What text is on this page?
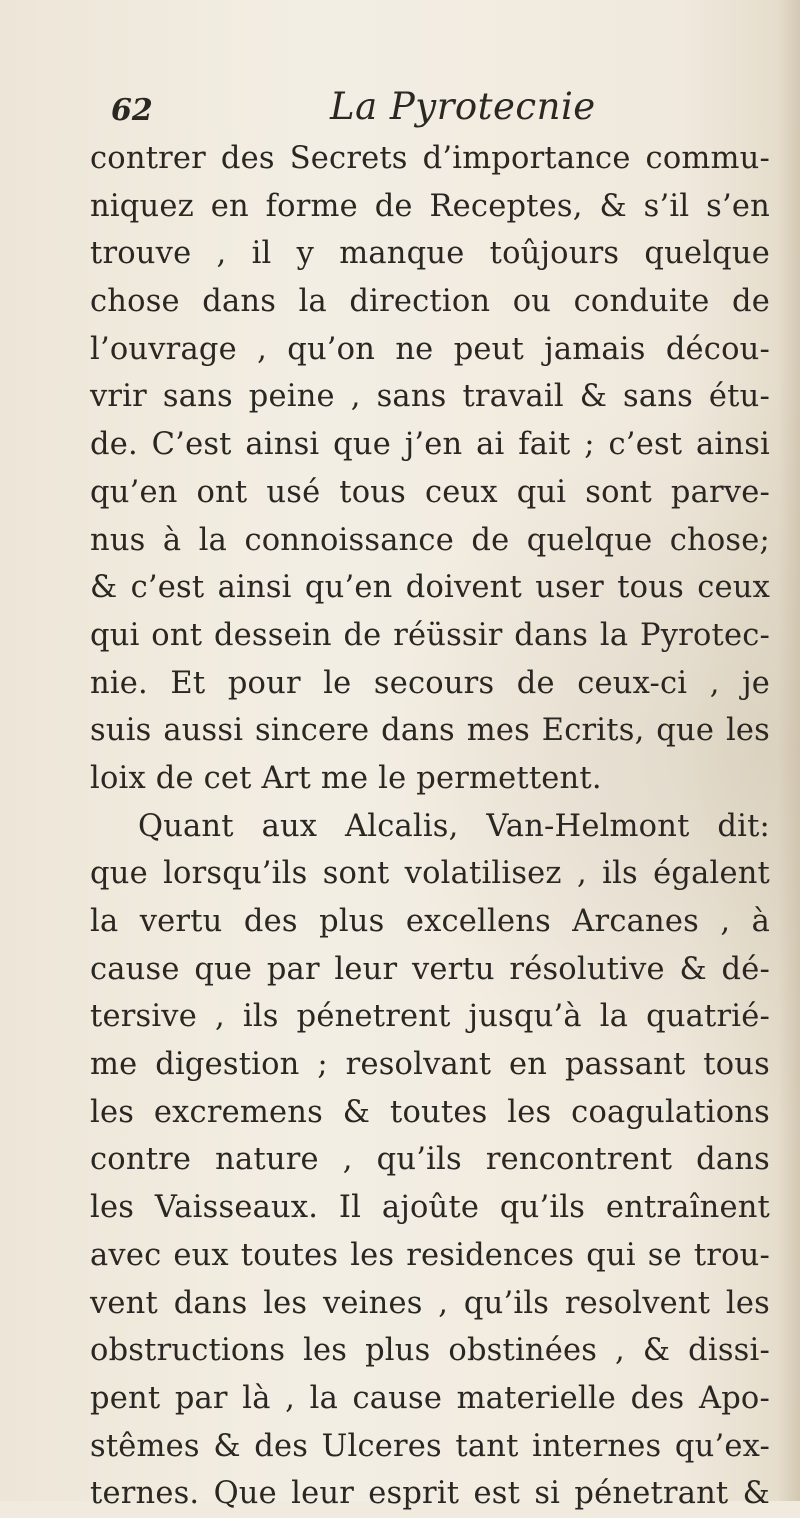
62	La Pyrotecnie
contrer des Secrets d’importance commu-
niquez en forme de Receptes, & s’il s’en
trouve , il y manque toûjours quelque
chose dans la direction ou conduite de
l’ouvrage , qu’on ne peut jamais décou-
vrir sans peine , sans travail & sans étu-
de. C’est ainsi que j’en ai fait ; c’est ainsi
qu’en ont usé tous ceux qui sont parve-
nus à la connoissance de quelque chose;
& c’est ainsi qu’en doivent user tous ceux
qui ont dessein de réüssir dans la Pyrotec-
nie. Et pour le secours de ceux-ci , je
suis aussi sincere dans mes Ecrits, que les
loix de cet Art me le permettent.
Quant aux Alcalis, Van-Helmont dit:
que lorsqu’ils sont volatilisez , ils égalent
la vertu des plus excellens Arcanes , à
cause que par leur vertu résolutive & dé-
tersive , ils pénetrent jusqu’à la quatrié-
me digestion ; resolvant en passant tous
les excremens & toutes les coagulations
contre nature , qu’ils rencontrent dans
les Vaisseaux. Il ajoûte qu’ils entraînent
avec eux toutes les residences qui se trou-
vent dans les veines , qu’ils resolvent les
obstructions les plus obstinées , & dissi-
pent par là , la cause materielle des Apo-
stêmes & des Ulceres tant internes qu’ex-
ternes. Que leur esprit est si pénetrant &
